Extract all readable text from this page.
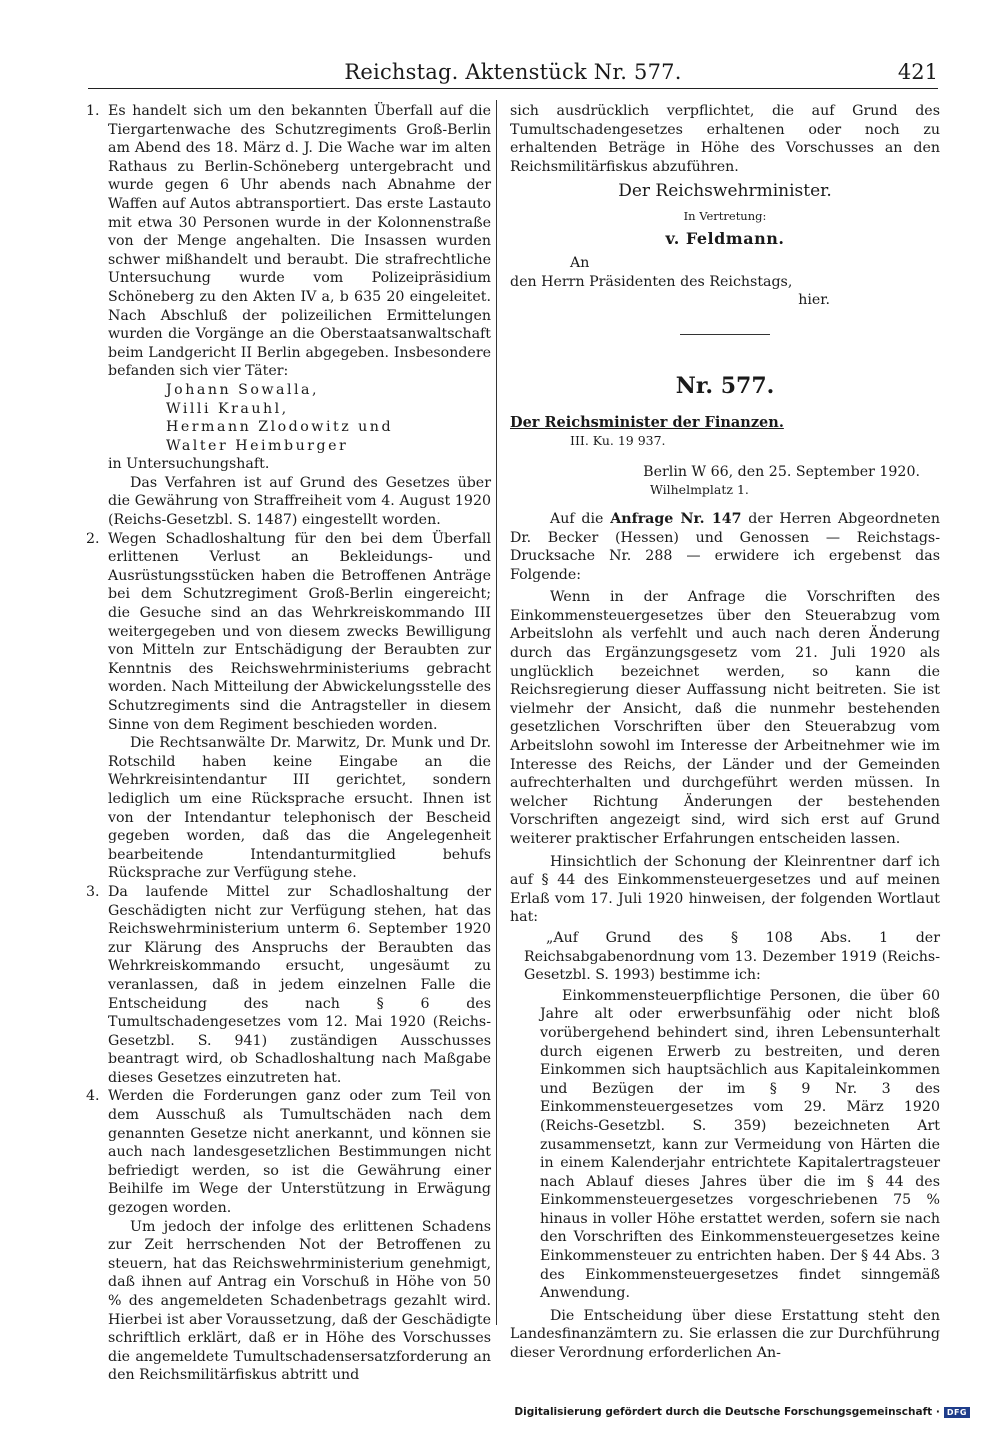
Reichstag. Aktenstück Nr. 577.	421
1. Es handelt sich um den bekannten Überfall auf die Tiergartenwache des Schutzregiments Groß-Berlin am Abend des 18. März d. J. Die Wache war im alten Rathaus zu Berlin-Schöneberg untergebracht und wurde gegen 6 Uhr abends nach Abnahme der Waffen auf Autos abtransportiert. Das erste Lastauto mit etwa 30 Personen wurde in der Kolonnenstraße von der Menge angehalten. Die Insassen wurden schwer mißhandelt und beraubt. Die strafrechtliche Untersuchung wurde vom Polizeipräsidium Schöneberg zu den Akten IV a, b 635 20 eingeleitet. Nach Abschluß der polizeilichen Ermittelungen wurden die Vorgänge an die Oberstaatsanwaltschaft beim Landgericht II Berlin abgegeben. Insbesondere befanden sich vier Täter:

Johann Sowalla,
Willi Krauhl,
Hermann Zlodowitz und
Walter Heimburger

in Untersuchungshaft.

Das Verfahren ist auf Grund des Gesetzes über die Gewährung von Straffreiheit vom 4. August 1920 (Reichs-Gesetzbl. S. 1487) eingestellt worden.

2. Wegen Schadloshaltung für den bei dem Überfall erlittenen Verlust an Bekleidungs- und Ausrüstungsstücken haben die Betroffenen Anträge bei dem Schutzregiment Groß-Berlin eingereicht; die Gesuche sind an das Wehrkreiskommando III weitergegeben und von diesem zwecks Bewilligung von Mitteln zur Entschädigung der Beraubten zur Kenntnis des Reichswehrministeriums gebracht worden. Nach Mitteilung der Abwickelungsstelle des Schutzregiments sind die Antragsteller in diesem Sinne von dem Regiment beschieden worden.

Die Rechtsanwälte Dr. Marwitz, Dr. Munk und Dr. Rotschild haben keine Eingabe an die Wehrkreisintendantur III gerichtet, sondern lediglich um eine Rücksprache ersucht. Ihnen ist von der Intendantur telephonisch der Bescheid gegeben worden, daß das die Angelegenheit bearbeitende Intendanturmitglied behufs Rücksprache zur Verfügung stehe.

3. Da laufende Mittel zur Schadloshaltung der Geschädigten nicht zur Verfügung stehen, hat das Reichswehrministerium unterm 6. September 1920 zur Klärung des Anspruchs der Beraubten das Wehrkreiskommando ersucht, ungesäumt zu veranlassen, daß in jedem einzelnen Falle die Entscheidung des nach § 6 des Tumultschadengesetzes vom 12. Mai 1920 (Reichs-Gesetzbl. S. 941) zuständigen Ausschusses beantragt wird, ob Schadloshaltung nach Maßgabe dieses Gesetzes einzutreten hat.

4. Werden die Forderungen ganz oder zum Teil von dem Ausschuß als Tumultschäden nach dem genannten Gesetze nicht anerkannt, und können sie auch nach landesgesetzlichen Bestimmungen nicht befriedigt werden, so ist die Gewährung einer Beihilfe im Wege der Unterstützung in Erwägung gezogen worden.

Um jedoch der infolge des erlittenen Schadens zur Zeit herrschenden Not der Betroffenen zu steuern, hat das Reichswehrministerium genehmigt, daß ihnen auf Antrag ein Vorschuß in Höhe von 50 % des angemeldeten Schadenbetrags gezahlt wird. Hierbei ist aber Voraussetzung, daß der Geschädigte schriftlich erklärt, daß er in Höhe des Vorschusses die angemeldete Tumultschadensersatzforderung an den Reichsmilitärfiskus abtritt und

sich ausdrücklich verpflichtet, die auf Grund des Tumultschadengesetzes erhaltenen oder noch zu erhaltenden Beträge in Höhe des Vorschusses an den Reichsmilitärfiskus abzuführen.

Der Reichswehrminister.
In Vertretung:
v. Feldmann.
An
den Herrn Präsidenten des Reichstags,
hier.
Nr. 577.
Der Reichsminister der Finanzen.
III. Ku. 19 937.
Berlin W 66, den 25. September 1920.
Wilhelmplatz 1.

Auf die Anfrage Nr. 147 der Herren Abgeordneten Dr. Becker (Hessen) und Genossen — Reichstags-Drucksache Nr. 288 — erwidere ich ergebenst das Folgende:

Wenn in der Anfrage die Vorschriften des Einkommensteuergesetzes über den Steuerabzug vom Arbeitslohn als verfehlt und auch nach deren Änderung durch das Ergänzungsgesetz vom 21. Juli 1920 als unglücklich bezeichnet werden, so kann die Reichsregierung dieser Auffassung nicht beitreten. Sie ist vielmehr der Ansicht, daß die nunmehr bestehenden gesetzlichen Vorschriften über den Steuerabzug vom Arbeitslohn sowohl im Interesse der Arbeitnehmer wie im Interesse des Reichs, der Länder und der Gemeinden aufrechterhalten und durchgeführt werden müssen. In welcher Richtung Änderungen der bestehenden Vorschriften angezeigt sind, wird sich erst auf Grund weiterer praktischer Erfahrungen entscheiden lassen.

Hinsichtlich der Schonung der Kleinrentner darf ich auf § 44 des Einkommensteuergesetzes und auf meinen Erlaß vom 17. Juli 1920 hinweisen, der folgenden Wortlaut hat:

„Auf Grund des § 108 Abs. 1 der Reichsabgabenordnung vom 13. Dezember 1919 (Reichs-Gesetzbl. S. 1993) bestimme ich:

Einkommensteuerpflichtige Personen, die über 60 Jahre alt oder erwerbsunfähig oder nicht bloß vorübergehend behindert sind, ihren Lebensunterhalt durch eigenen Erwerb zu bestreiten, und deren Einkommen sich hauptsächlich aus Kapitaleinkommen und Bezügen der im § 9 Nr. 3 des Einkommensteuergesetzes vom 29. März 1920 (Reichs-Gesetzbl. S. 359) bezeichneten Art zusammensetzt, kann zur Vermeidung von Härten die in einem Kalenderjahr entrichtete Kapitalertragsteuer nach Ablauf dieses Jahres über die im § 44 des Einkommensteuergesetzes vorgeschriebenen 75 % hinaus in voller Höhe erstattet werden, sofern sie nach den Vorschriften des Einkommensteuergesetzes keine Einkommensteuer zu entrichten haben. Der § 44 Abs. 3 des Einkommensteuergesetzes findet sinngemäß Anwendung.

Die Entscheidung über diese Erstattung steht den Landesfinanzämtern zu. Sie erlassen die zur Durchführung dieser Verordnung erforderlichen An-

Digitalisierung gefördert durch die Deutsche Forschungsgemeinschaft · DFG
